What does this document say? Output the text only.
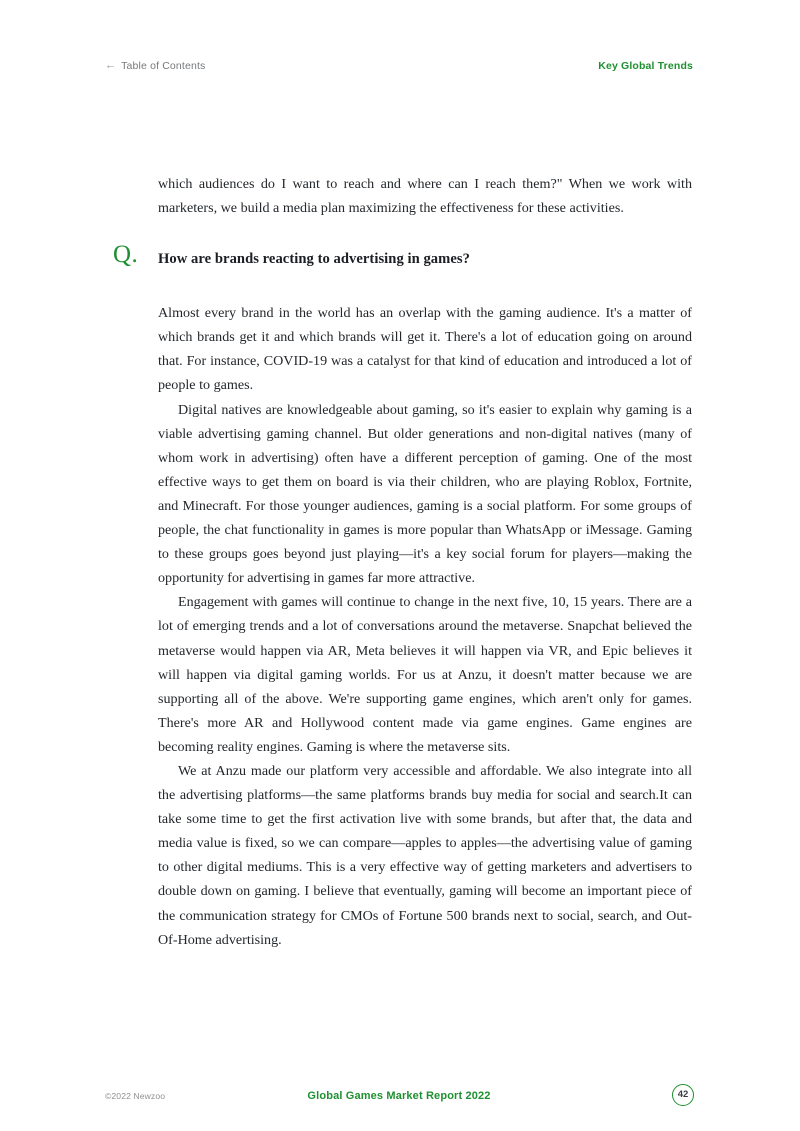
← Table of Contents	Key Global Trends

which audiences do I want to reach and where can I reach them?" When we work with marketers, we build a media plan maximizing the effectiveness for these activities.

Q. How are brands reacting to advertising in games?

Almost every brand in the world has an overlap with the gaming audience. It's a matter of which brands get it and which brands will get it. There's a lot of education going on around that. For instance, COVID-19 was a catalyst for that kind of education and introduced a lot of people to games.

Digital natives are knowledgeable about gaming, so it's easier to explain why gaming is a viable advertising gaming channel. But older generations and non-digital natives (many of whom work in advertising) often have a different perception of gaming. One of the most effective ways to get them on board is via their children, who are playing Roblox, Fortnite, and Minecraft. For those younger audiences, gaming is a social platform. For some groups of people, the chat functionality in games is more popular than WhatsApp or iMessage. Gaming to these groups goes beyond just playing—it's a key social forum for players—making the opportunity for advertising in games far more attractive.

Engagement with games will continue to change in the next five, 10, 15 years. There are a lot of emerging trends and a lot of conversations around the metaverse. Snapchat believed the metaverse would happen via AR, Meta believes it will happen via VR, and Epic believes it will happen via digital gaming worlds. For us at Anzu, it doesn't matter because we are supporting all of the above. We're supporting game engines, which aren't only for games. There's more AR and Hollywood content made via game engines. Game engines are becoming reality engines. Gaming is where the metaverse sits.

We at Anzu made our platform very accessible and affordable. We also integrate into all the advertising platforms—the same platforms brands buy media for social and search.It can take some time to get the first activation live with some brands, but after that, the data and media value is fixed, so we can compare—apples to apples—the advertising value of gaming to other digital mediums. This is a very effective way of getting marketers and advertisers to double down on gaming. I believe that eventually, gaming will become an important piece of the communication strategy for CMOs of Fortune 500 brands next to social, search, and Out-Of-Home advertising.

©2022 Newzoo	Global Games Market Report 2022	42
